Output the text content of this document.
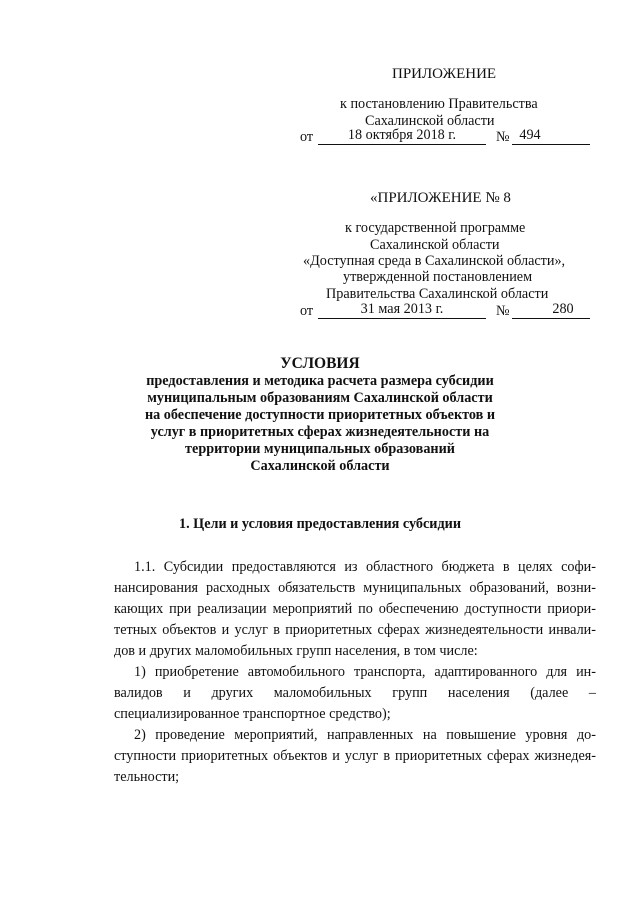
ПРИЛОЖЕНИЕ
к постановлению Правительства
Сахалинской области
от	18 октября 2018 г.	№ 494
«ПРИЛОЖЕНИЕ № 8
к государственной программе
Сахалинской области
«Доступная среда в Сахалинской области»,
утвержденной постановлением
Правительства Сахалинской области
от	31 мая 2013 г.	№	280
УСЛОВИЯ
предоставления и методика расчета размера субсидии
муниципальным образованиям Сахалинской области
на обеспечение доступности приоритетных объектов и
услуг в приоритетных сферах жизнедеятельности на
территории муниципальных образований
Сахалинской области
1. Цели и условия предоставления субсидии
1.1. Субсидии предоставляются из областного бюджета в целях софи-
нансирования расходных обязательств муниципальных образований, возни-
кающих при реализации мероприятий по обеспечению доступности приори-
тетных объектов и услуг в приоритетных сферах жизнедеятельности инвали-
дов и других маломобильных групп населения, в том числе:
1) приобретение автомобильного транспорта, адаптированного для ин-
валидов и других маломобильных групп населения (далее –
специализированное транспортное средство);
2) проведение мероприятий, направленных на повышение уровня до-
ступности приоритетных объектов и услуг в приоритетных сферах жизнедея-
тельности;
